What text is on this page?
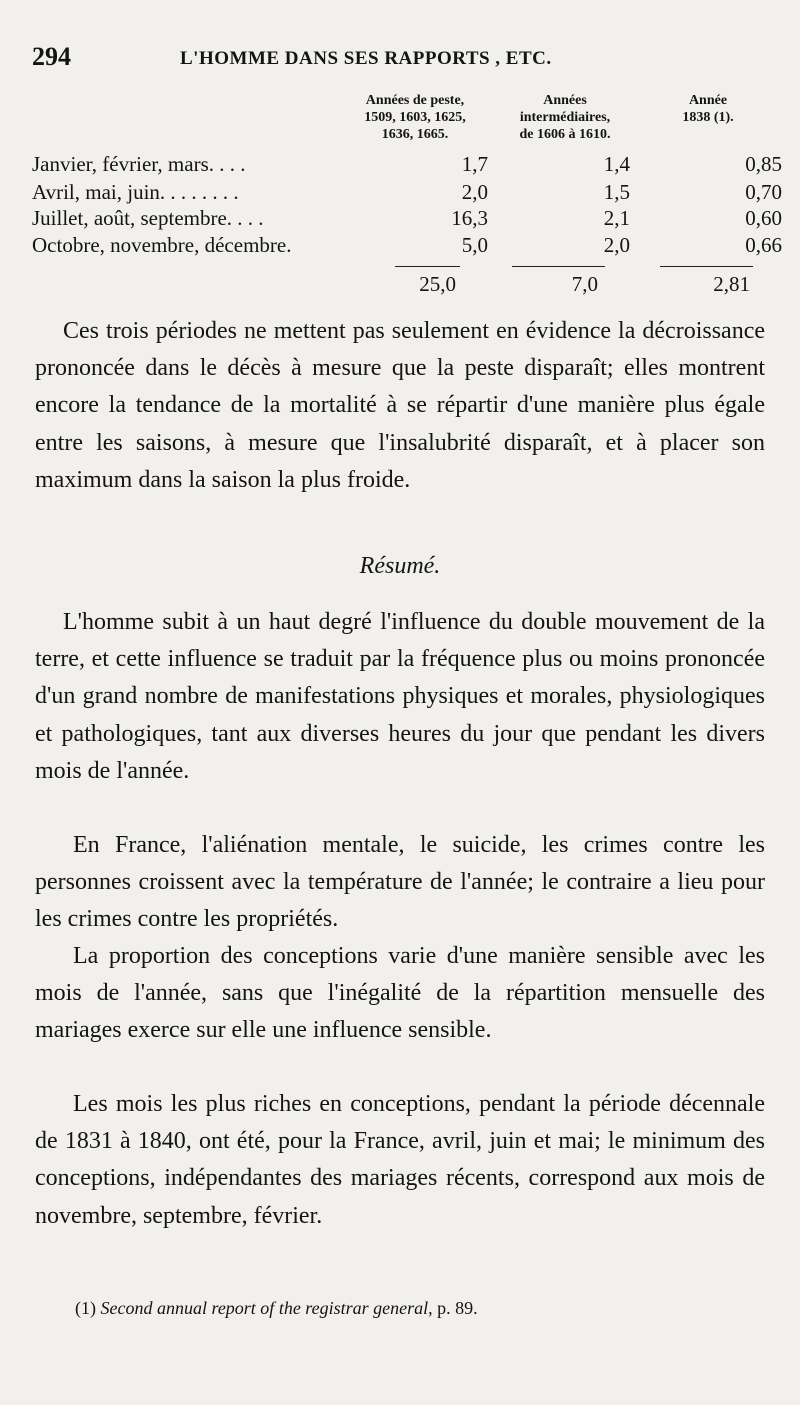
294	L'HOMME DANS SES RAPPORTS , ETC.
Années de peste,
1509, 1603, 1625,
1636, 1665.
Années
intermédiaires,
de 1606 à 1610.
Année
1838 (1).
Janvier, février, mars. . . .	1,7	1,4	0,85
Avril, mai, juin. . . . . . . .	2,0	1,5	0,70
Juillet, août, septembre. . . .	16,3	2,1	0,60
Octobre, novembre, décembre.	5,0	2,0	0,66
25,0	7,0	2,81

Ces trois périodes ne mettent pas seulement en évidence la décroissance prononcée dans le décès à mesure que la peste disparaît; elles montrent encore la tendance de la mortalité à se répartir d'une manière plus égale entre les saisons, à mesure que l'insalubrité disparaît, et à placer son maximum dans la saison la plus froide.

Résumé.

L'homme subit à un haut degré l'influence du double mouvement de la terre, et cette influence se traduit par la fréquence plus ou moins prononcée d'un grand nombre de manifestations physiques et morales, physiologiques et pathologiques, tant aux diverses heures du jour que pendant les divers mois de l'année.

En France, l'aliénation mentale, le suicide, les crimes contre les personnes croissent avec la température de l'année; le contraire a lieu pour les crimes contre les propriétés.

La proportion des conceptions varie d'une manière sensible avec les mois de l'année, sans que l'inégalité de la répartition mensuelle des mariages exerce sur elle une influence sensible.

Les mois les plus riches en conceptions, pendant la période décennale de 1831 à 1840, ont été, pour la France, avril, juin et mai; le minimum des conceptions, indépendantes des mariages récents, correspond aux mois de novembre, septembre, février.

(1) Second annual report of the registrar general, p. 89.
